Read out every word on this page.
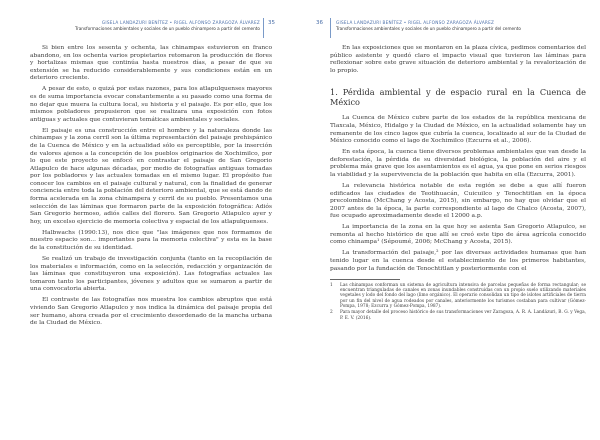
GISELA LANDAZURI BENÍTEZ • RIGEL ALFONSO ZARAGOZA ÁLVAREZ
Transformaciones ambientales y sociales de un pueblo chinampero a partir del cemento
35

Si bien entre los sesenta y ochenta, las chinampas estuvieron en franco abandono, en los ochenta varios propietarios retomaron la producción de flores y hortalizas mismas que continúa hasta nuestros días, a pesar de que su extensión se ha reducido considerablemente y sus condiciones están en un deterioro creciente.

A pesar de esto, o quizá por estas razones, para los atlapulquenses mayores es de suma importancia evocar constantemente a su pasado como una forma de no dejar que muera la cultura local, su historia y el paisaje. Es por ello, que los mismos pobladores propusieron que se realizara una exposición con fotos antiguas y actuales que contuvieran temáticas ambientales y sociales.

El paisaje es una construcción entre el hombre y la naturaleza donde las chinampas y la zona cerril son la última representación del paisaje prehispánico de la Cuenca de México y en la actualidad sólo es perceptible, por la inserción de valores ajenos a la concepción de los pueblos originarios de Xochimilco, por lo que este proyecto se enfocó en contrastar el paisaje de San Gregorio Atlapulco de hace algunas décadas, por medio de fotografías antiguas tomadas por los pobladores y las actuales tomadas en el mismo lugar. El propósito fue conocer los cambios en el paisaje cultural y natural, con la finalidad de generar conciencia entre toda la población del deterioro ambiental, que se está dando de forma acelerada en la zona chinampera y cerril de su pueblo. Presentamos una selección de las láminas que formaron parte de la exposición fotográfica: Adiós San Gregorio hermoso, adiós calles del florero. San Gregorio Atlapulco ayer y hoy, un excelso ejercicio de memoria colectiva y espacial de los atlapulquenses.

Halbwachs (1990:13), nos dice que "las imágenes que nos formamos de nuestro espacio son... importantes para la memoria colectiva" y esta es la base de la constitución de su identidad.

Se realizó un trabajo de investigación conjunta (tanto en la recopilación de los materiales e información, como en la selección, redacción y organización de las láminas que constituyeron una exposición). Las fotografías actuales las tomaron tanto los participantes, jóvenes y adultos que se sumaron a partir de una convocatoria abierta.

El contraste de las fotografías nos muestra los cambios abruptos que está viviendo San Gregorio Atlapulco y nos indica la dinámica del paisaje propia del ser humano, ahora creada por el crecimiento desordenado de la mancha urbana de la Ciudad de México.

36	GISELA LANDAZURI BENÍTEZ • RIGEL ALFONSO ZARAGOZA ÁLVAREZ
Transformaciones ambientales y sociales de un pueblo chinampero a partir del cemento

En las exposiciones que se montaron en la plaza cívica, pedimos comentarios del público asistente y quedó claro el impacto visual que tuvieron las láminas para reflexionar sobre este grave situación de deterioro ambiental y la revalorización de lo propio.

1. Pérdida ambiental y de espacio rural en la Cuenca de México

La Cuenca de México cubre parte de los estados de la república mexicana de Tlaxcala, México, Hidalgo y la Ciudad de México, en la actualidad solamente hay un remanente de los cinco lagos que cubría la cuenca, localizado al sur de la Ciudad de México conocido como el lago de Xochimilco (Ezcurra et al., 2006).

En esta época, la cuenca tiene diversos problemas ambientales que van desde la deforestación, la pérdida de su diversidad biológica, la población del aire y el problema más grave que los asentamientos es el agua, ya que pone en serios riesgos la viabilidad y la supervivencia de la población que habita en ella (Ezcurra, 2001).

La relevancia histórica notable de esta región se debe a que allí fueron edificados las ciudades de Teotihuacán, Cuicuilco y Tenochtitlan en la época precolombina (McChang y Acosta, 2015), sin embargo, no hay que olvidar que el 2007 antes de la época, la parte correspondiente al lago de Chalco (Acosta, 2007), fue ocupado aproximadamente desde el 12000 a.p.

La importancia de la zona en la que hoy se asienta San Gregorio Atlapulco, se remonta al hecho histórico de que allí se creó este tipo de área agrícola conocido como chinampa¹ (Sépoumé, 2006; McChang y Acosta, 2015).

La transformación del paisaje,² por las diversas actividades humanas que han tenido lugar en la cuenca desde el establecimiento de los primeros habitantes, pasando por la fundación de Tenochtitlan y posteriormente con el

1	Las chinampas conforman un sistema de agricultura intensiva de parcelas pequeñas de forma rectangular; se encuentran trianguladas de canales en zonas inundables construidas con un propio suelo utilizando materiales vegetales y lodo del fondo del lago (limo orgánico). El operario consolidan un tipo de islotes artificiales de tierra por un fin del nivel de agua rodeados por canales, anteriormente los turismos costaban para cultivar (Gómez-Pompa, 1978; Ezcurra y Gómez-Pompa, 1987).
2	Para mayor detalle del proceso histórico de sus transformaciones ver Zaragoza, A. R. A. Landázuri, B. G. y Vega, P. E. V. (2016).
